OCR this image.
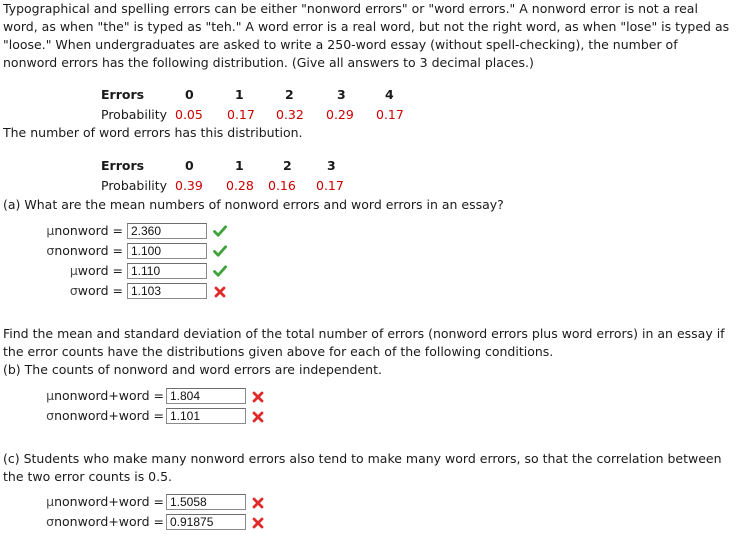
Typographical and spelling errors can be either "nonword errors" or "word errors." A nonword error is not a real word, as when "the" is typed as "teh." A word error is a real word, but not the right word, as when "lose" is typed as "loose." When undergraduates are asked to write a 250-word essay (without spell-checking), the number of nonword errors has the following distribution. (Give all answers to 3 decimal places.)

Errors	0	1	2	3	4
Probability 0.05 0.17 0.32 0.29 0.17
The number of word errors has this distribution.
Errors	0	1	2	3
Probability 0.39 0.28 0.16 0.17
(a) What are the mean numbers of nonword errors and word errors in an essay?
μnonword = 2.360
σnonword = 1.100
μword = 1.110
σword = 1.103

Find the mean and standard deviation of the total number of errors (nonword errors plus word errors) in an essay if the error counts have the distributions given above for each of the following conditions.

(b) The counts of nonword and word errors are independent.
μnonword+word = 1.804
σnonword+word = 1.101

(c) Students who make many nonword errors also tend to make many word errors, so that the correlation between the two error counts is 0.5.

μnonword+word = 1.5058
σnonword+word = 0.91875
